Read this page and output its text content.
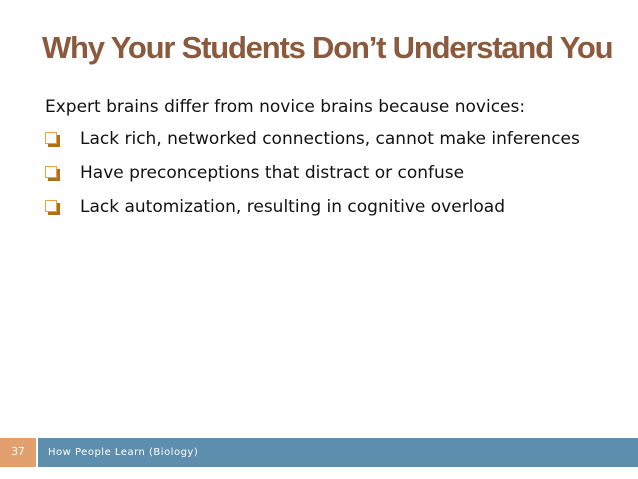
Why Your Students Don’t Understand You
Expert brains differ from novice brains because novices:
Lack rich, networked connections, cannot make inferences
Have preconceptions that distract or confuse
Lack automization, resulting in cognitive overload
37	How People Learn (Biology)
